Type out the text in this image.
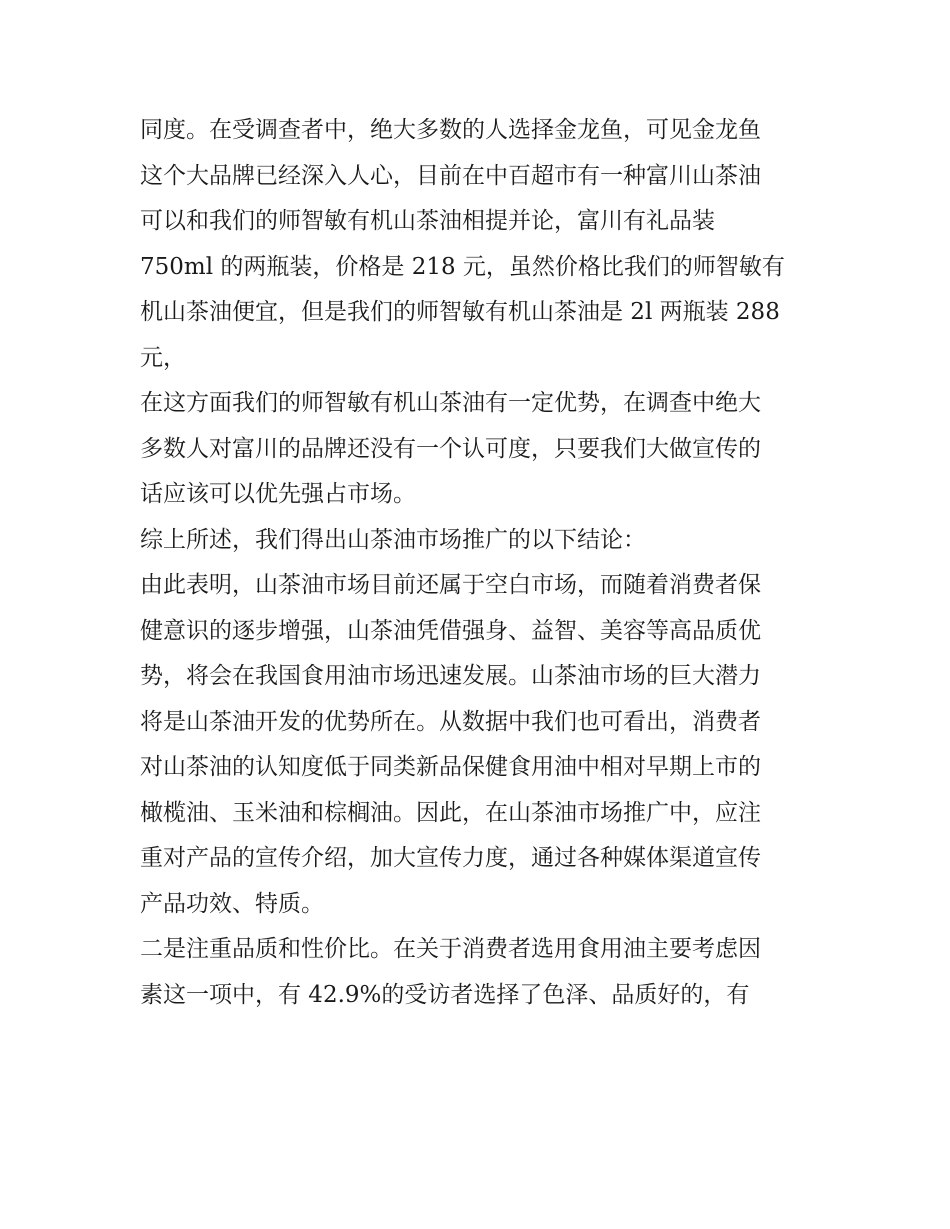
同度。在受调查者中，绝大多数的人选择金龙鱼，可见金龙鱼
这个大品牌已经深入人心，目前在中百超市有一种富川山茶油
可以和我们的师智敏有机山茶油相提并论，富川有礼品装
750ml 的两瓶装，价格是 218 元，虽然价格比我们的师智敏有
机山茶油便宜，但是我们的师智敏有机山茶油是 2l 两瓶装 288
元，
在这方面我们的师智敏有机山茶油有一定优势，在调查中绝大
多数人对富川的品牌还没有一个认可度，只要我们大做宣传的
话应该可以优先强占市场。
综上所述，我们得出山茶油市场推广的以下结论：
由此表明，山茶油市场目前还属于空白市场，而随着消费者保
健意识的逐步增强，山茶油凭借强身、益智、美容等高品质优
势，将会在我国食用油市场迅速发展。山茶油市场的巨大潜力
将是山茶油开发的优势所在。从数据中我们也可看出，消费者
对山茶油的认知度低于同类新品保健食用油中相对早期上市的
橄榄油、玉米油和棕榈油。因此，在山茶油市场推广中，应注
重对产品的宣传介绍，加大宣传力度，通过各种媒体渠道宣传
产品功效、特质。
二是注重品质和性价比。在关于消费者选用食用油主要考虑因
素这一项中，有 42.9%的受访者选择了色泽、品质好的，有
